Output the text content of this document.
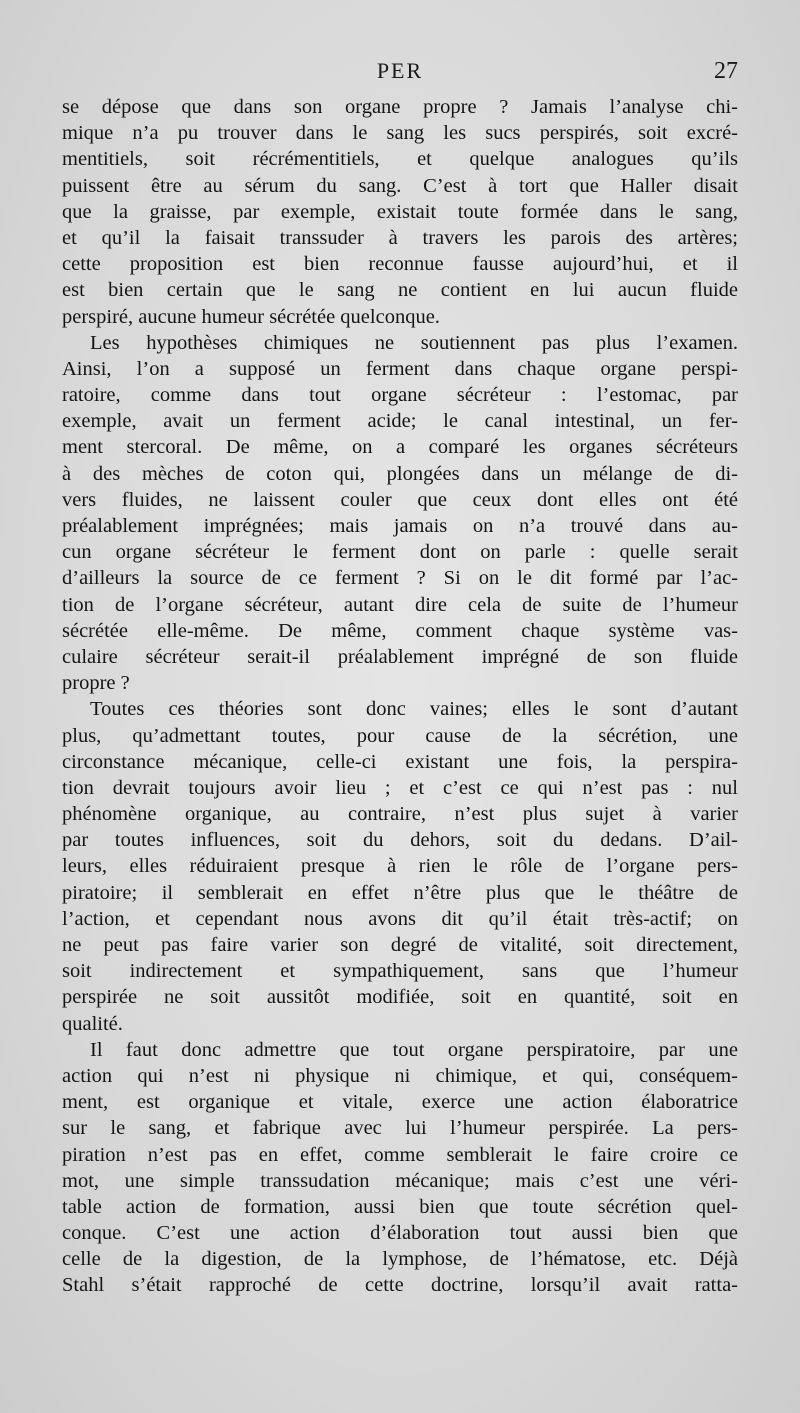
PER	27
se dépose que dans son organe propre ? Jamais l’analyse chi-
mique n’a pu trouver dans le sang les sucs perspirés, soit excré-
mentitiels, soit récrémentitiels, et quelque analogues qu’ils
puissent être au sérum du sang. C’est à tort que Haller disait
que la graisse, par exemple, existait toute formée dans le sang,
et qu’il la faisait transsuder à travers les parois des artères;
cette proposition est bien reconnue fausse aujourd’hui, et il
est bien certain que le sang ne contient en lui aucun fluide
perspiré, aucune humeur sécrétée quelconque.
Les hypothèses chimiques ne soutiennent pas plus l’examen.
Ainsi, l’on a supposé un ferment dans chaque organe perspi-
ratoire, comme dans tout organe sécréteur : l’estomac, par
exemple, avait un ferment acide; le canal intestinal, un fer-
ment stercoral. De même, on a comparé les organes sécréteurs
à des mèches de coton qui, plongées dans un mélange de di-
vers fluides, ne laissent couler que ceux dont elles ont été
préalablement imprégnées; mais jamais on n’a trouvé dans au-
cun organe sécréteur le ferment dont on parle : quelle serait
d’ailleurs la source de ce ferment ? Si on le dit formé par l’ac-
tion de l’organe sécréteur, autant dire cela de suite de l’humeur
sécrétée elle-même. De même, comment chaque système vas-
culaire sécréteur serait-il préalablement imprégné de son fluide
propre ?
Toutes ces théories sont donc vaines; elles le sont d’autant
plus, qu’admettant toutes, pour cause de la sécrétion, une
circonstance mécanique, celle-ci existant une fois, la perspira-
tion devrait toujours avoir lieu ; et c’est ce qui n’est pas : nul
phénomène organique, au contraire, n’est plus sujet à varier
par toutes influences, soit du dehors, soit du dedans. D’ail-
leurs, elles réduiraient presque à rien le rôle de l’organe pers-
piratoire; il semblerait en effet n’être plus que le théâtre de
l’action, et cependant nous avons dit qu’il était très-actif; on
ne peut pas faire varier son degré de vitalité, soit directement,
soit indirectement et sympathiquement, sans que l’humeur
perspirée ne soit aussitôt modifiée, soit en quantité, soit en
qualité.
Il faut donc admettre que tout organe perspiratoire, par une
action qui n’est ni physique ni chimique, et qui, conséquem-
ment, est organique et vitale, exerce une action élaboratrice
sur le sang, et fabrique avec lui l’humeur perspirée. La pers-
piration n’est pas en effet, comme semblerait le faire croire ce
mot, une simple transsudation mécanique; mais c’est une véri-
table action de formation, aussi bien que toute sécrétion quel-
conque. C’est une action d’élaboration tout aussi bien que
celle de la digestion, de la lymphose, de l’hématose, etc. Déjà
Stahl s’était rapproché de cette doctrine, lorsqu’il avait ratta-
